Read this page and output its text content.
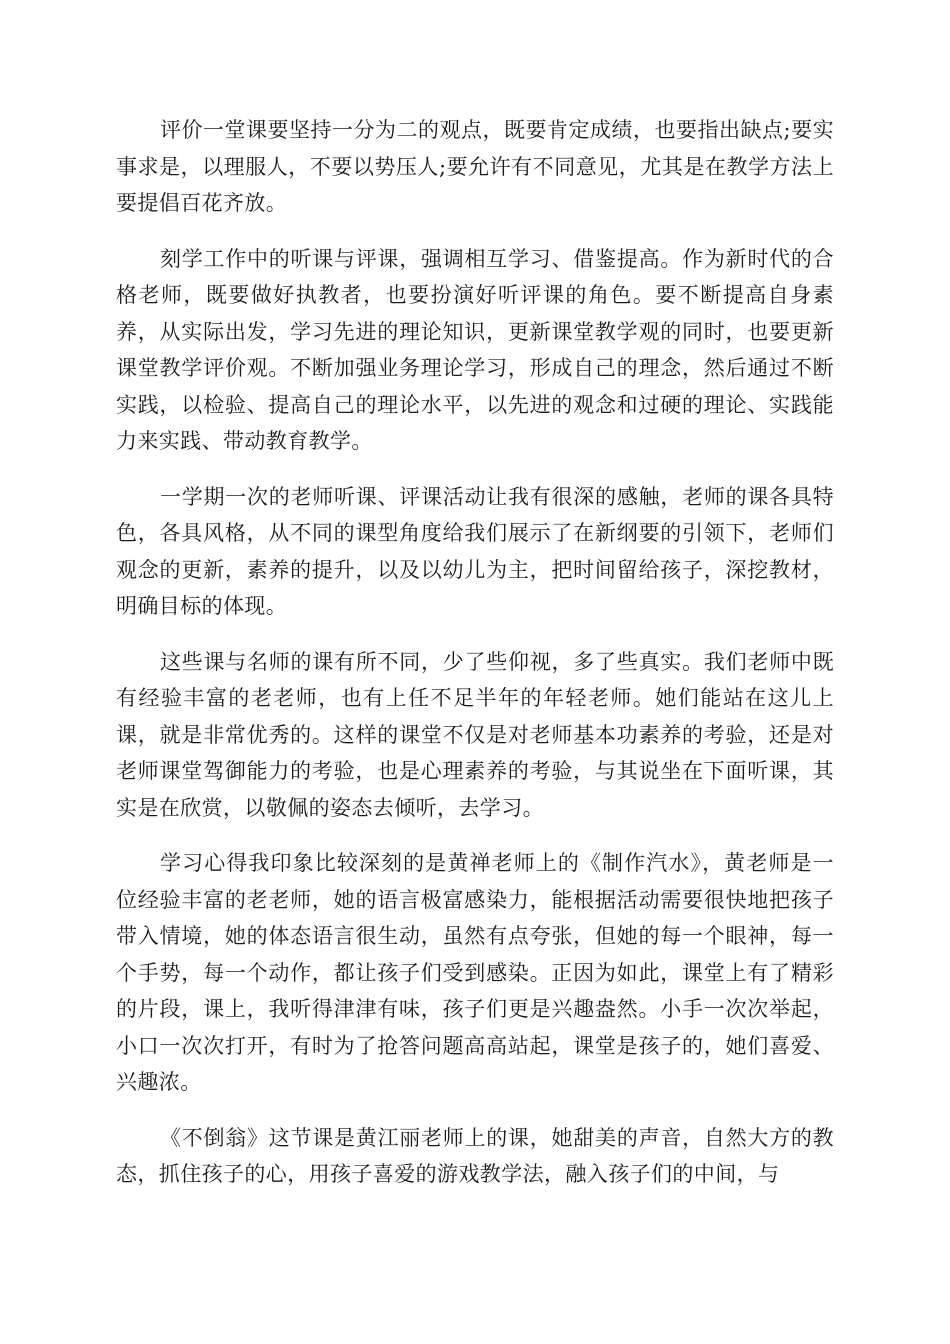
评价一堂课要坚持一分为二的观点，既要肯定成绩，也要指出缺点;要实事求是，以理服人，不要以势压人;要允许有不同意见，尤其是在教学方法上要提倡百花齐放。

刻学工作中的听课与评课，强调相互学习、借鉴提高。作为新时代的合格老师，既要做好执教者，也要扮演好听评课的角色。要不断提高自身素养，从实际出发，学习先进的理论知识，更新课堂教学观的同时，也要更新课堂教学评价观。不断加强业务理论学习，形成自己的理念，然后通过不断实践，以检验、提高自己的理论水平，以先进的观念和过硬的理论、实践能力来实践、带动教育教学。

一学期一次的老师听课、评课活动让我有很深的感触，老师的课各具特色，各具风格，从不同的课型角度给我们展示了在新纲要的引领下，老师们观念的更新，素养的提升，以及以幼儿为主，把时间留给孩子，深挖教材，明确目标的体现。

这些课与名师的课有所不同，少了些仰视，多了些真实。我们老师中既有经验丰富的老老师，也有上任不足半年的年轻老师。她们能站在这儿上课，就是非常优秀的。这样的课堂不仅是对老师基本功素养的考验，还是对老师课堂驾御能力的考验，也是心理素养的考验，与其说坐在下面听课，其实是在欣赏，以敬佩的姿态去倾听，去学习。

学习心得我印象比较深刻的是黄禅老师上的《制作汽水》，黄老师是一位经验丰富的老老师，她的语言极富感染力，能根据活动需要很快地把孩子带入情境，她的体态语言很生动，虽然有点夸张，但她的每一个眼神，每一个手势，每一个动作，都让孩子们受到感染。正因为如此，课堂上有了精彩的片段，课上，我听得津津有味，孩子们更是兴趣盎然。小手一次次举起，小口一次次打开，有时为了抢答问题高高站起，课堂是孩子的，她们喜爱、兴趣浓。

《不倒翁》这节课是黄江丽老师上的课，她甜美的声音，自然大方的教态，抓住孩子的心，用孩子喜爱的游戏教学法，融入孩子们的中间，与
